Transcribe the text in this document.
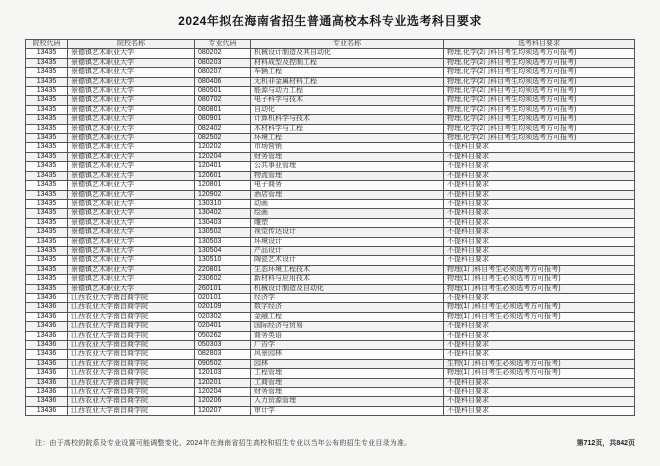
2024年拟在海南省招生普通高校本科专业选考科目要求
院校代码	院校名称	专业代码	专业名称	选考科目要求
13435	景德镇艺术职业大学	080202	机械设计制造及其自动化	物理,化学(2门科目考生均须选考方可报考)
13435	景德镇艺术职业大学	080203	材料成型及控制工程	物理,化学(2门科目考生均须选考方可报考)
13435	景德镇艺术职业大学	080207	车辆工程	物理,化学(2门科目考生均须选考方可报考)
13435	景德镇艺术职业大学	080406	无机非金属材料工程	物理,化学(2门科目考生均须选考方可报考)
13435	景德镇艺术职业大学	080501	能源与动力工程	物理,化学(2门科目考生均须选考方可报考)
13435	景德镇艺术职业大学	080702	电子科学与技术	物理,化学(2门科目考生均须选考方可报考)
13435	景德镇艺术职业大学	080801	自动化	物理,化学(2门科目考生均须选考方可报考)
13435	景德镇艺术职业大学	080901	计算机科学与技术	物理,化学(2门科目考生均须选考方可报考)
13435	景德镇艺术职业大学	082402	木材科学与工程	物理,化学(2门科目考生均须选考方可报考)
13435	景德镇艺术职业大学	082502	环境工程	物理,化学(2门科目考生均须选考方可报考)
13435	景德镇艺术职业大学	120202	市场营销	不提科目要求
13435	景德镇艺术职业大学	120204	财务管理	不提科目要求
13435	景德镇艺术职业大学	120401	公共事业管理	不提科目要求
13435	景德镇艺术职业大学	120601	物流管理	不提科目要求
13435	景德镇艺术职业大学	120801	电子商务	不提科目要求
13435	景德镇艺术职业大学	120902	酒店管理	不提科目要求
13435	景德镇艺术职业大学	130310	动画	不提科目要求
13435	景德镇艺术职业大学	130402	绘画	不提科目要求
13435	景德镇艺术职业大学	130403	雕塑	不提科目要求
13435	景德镇艺术职业大学	130502	视觉传达设计	不提科目要求
13435	景德镇艺术职业大学	130503	环境设计	不提科目要求
13435	景德镇艺术职业大学	130504	产品设计	不提科目要求
13435	景德镇艺术职业大学	130510	陶瓷艺术设计	不提科目要求
13435	景德镇艺术职业大学	220801	生态环境工程技术	物理(1门科目考生必须选考方可报考)
13435	景德镇艺术职业大学	230602	新材料与应用技术	物理(1门科目考生必须选考方可报考)
13435	景德镇艺术职业大学	260101	机械设计制造及自动化	物理(1门科目考生必须选考方可报考)
13436	江西农业大学南昌商学院	020101	经济学	不提科目要求
13436	江西农业大学南昌商学院	020109	数字经济	物理(1门科目考生必须选考方可报考)
13436	江西农业大学南昌商学院	020302	金融工程	物理(1门科目考生必须选考方可报考)
13436	江西农业大学南昌商学院	020401	国际经济与贸易	不提科目要求
13436	江西农业大学南昌商学院	050262	商务英语	不提科目要求
13436	江西农业大学南昌商学院	050303	广告学	不提科目要求
13436	江西农业大学南昌商学院	082803	风景园林	不提科目要求
13436	江西农业大学南昌商学院	090502	园林	生物(1门科目考生必须选考方可报考)
13436	江西农业大学南昌商学院	120103	工程管理	物理(1门科目考生必须选考方可报考)
13436	江西农业大学南昌商学院	120201	工商管理	不提科目要求
13436	江西农业大学南昌商学院	120204	财务管理	不提科目要求
13436	江西农业大学南昌商学院	120206	人力资源管理	不提科目要求
13436	江西农业大学南昌商学院	120207	审计学	不提科目要求
注：由于高校的院系及专业设置可能调整变化，2024年在海南省招生高校和招生专业以当年公布的招生专业目录为准。	第712页，共842页
